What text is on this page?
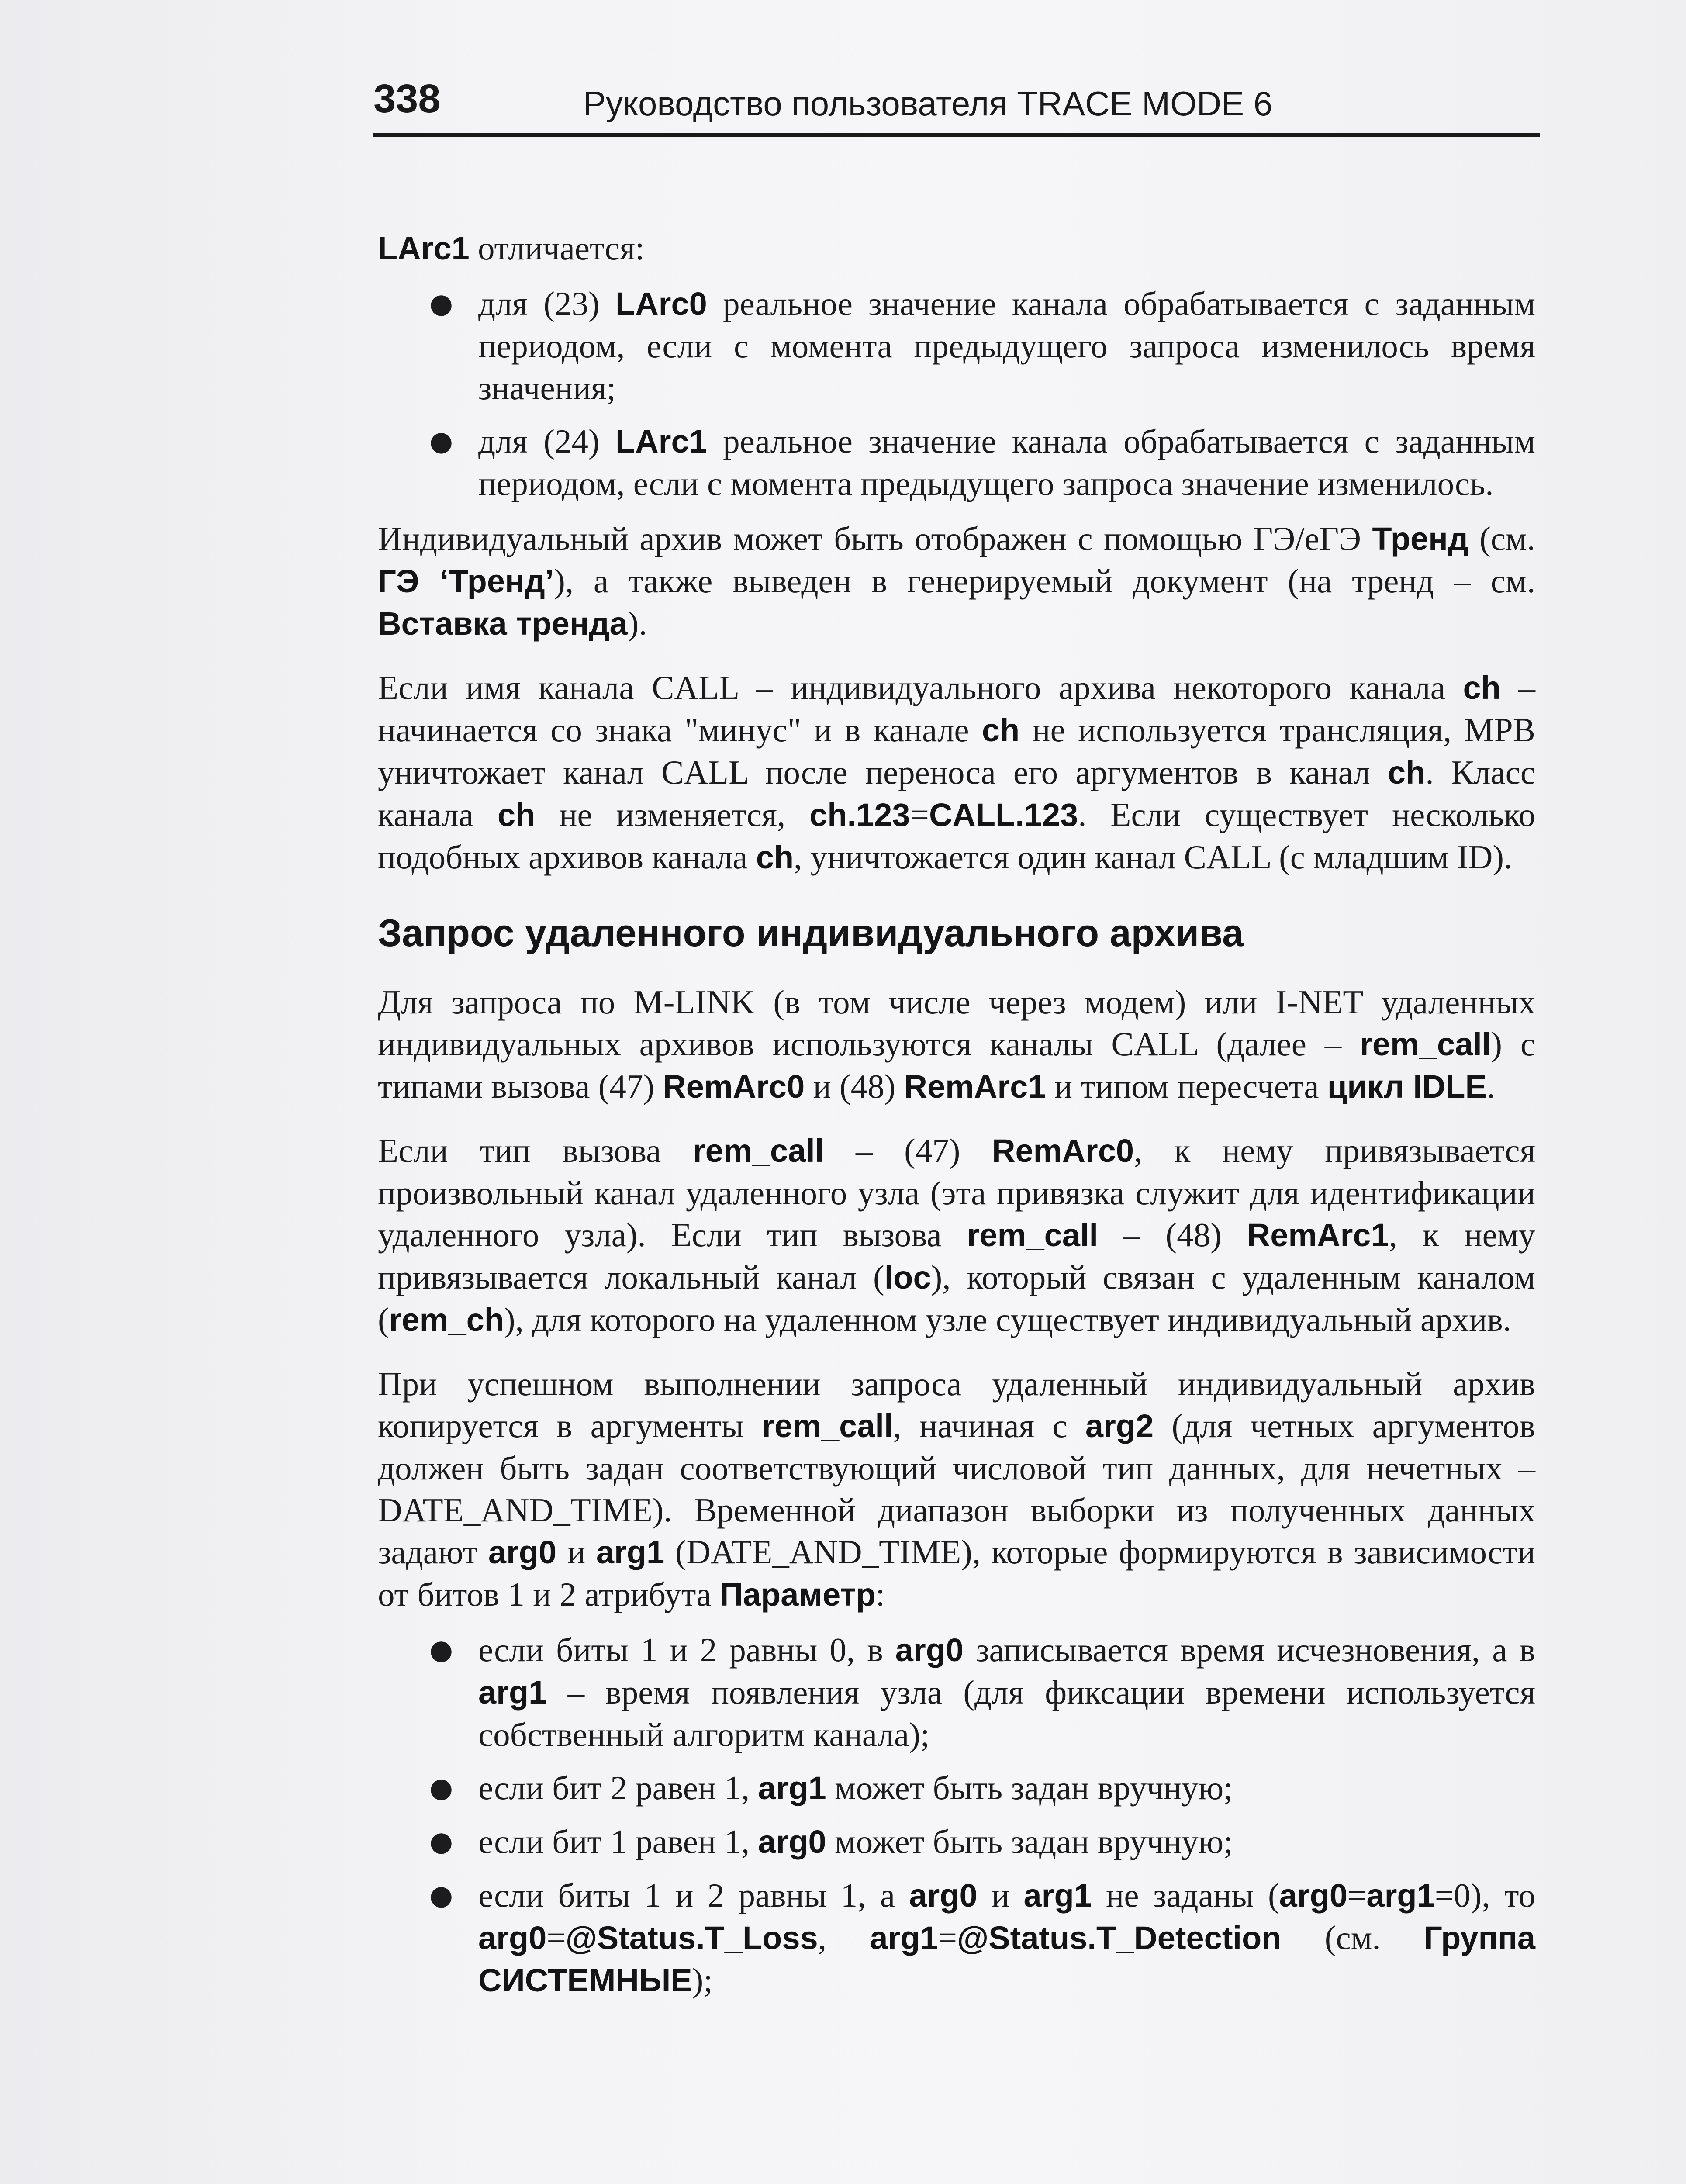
338	Руководство пользователя TRACE MODE 6

LArc1 отличается:

● для (23) LArc0 реальное значение канала обрабатывается с заданным периодом, если с момента предыдущего запроса изменилось время значения;
● для (24) LArc1 реальное значение канала обрабатывается с заданным периодом, если с момента предыдущего запроса значение изменилось.

Индивидуальный архив может быть отображен с помощью ГЭ/еГЭ Тренд (см. ГЭ ‘Тренд’), а также выведен в генерируемый документ (на тренд – см. Вставка тренда).

Если имя канала CALL – индивидуального архива некоторого канала ch – начинается со знака "минус" и в канале ch не используется трансляция, МРВ уничтожает канал CALL после переноса его аргументов в канал ch. Класс канала ch не изменяется, ch.123=CALL.123. Если существует несколько подобных архивов канала ch, уничтожается один канал CALL (с младшим ID).

Запрос удаленного индивидуального архива

Для запроса по M-LINK (в том числе через модем) или I-NET удаленных индивидуальных архивов используются каналы CALL (далее – rem_call) с типами вызова (47) RemArc0 и (48) RemArc1 и типом пересчета цикл IDLE.

Если тип вызова rem_call – (47) RemArc0, к нему привязывается произвольный канал удаленного узла (эта привязка служит для идентификации удаленного узла). Если тип вызова rem_call – (48) RemArc1, к нему привязывается локальный канал (loc), который связан с удаленным каналом (rem_ch), для которого на удаленном узле существует индивидуальный архив.

При успешном выполнении запроса удаленный индивидуальный архив копируется в аргументы rem_call, начиная с arg2 (для четных аргументов должен быть задан соответствующий числовой тип данных, для нечетных – DATE_AND_TIME). Временной диапазон выборки из полученных данных задают arg0 и arg1 (DATE_AND_TIME), которые формируются в зависимости от битов 1 и 2 атрибута Параметр:

● если биты 1 и 2 равны 0, в arg0 записывается время исчезновения, а в arg1 – время появления узла (для фиксации времени используется собственный алгоритм канала);
● если бит 2 равен 1, arg1 может быть задан вручную;
● если бит 1 равен 1, arg0 может быть задан вручную;
● если биты 1 и 2 равны 1, а arg0 и arg1 не заданы (arg0=arg1=0), то arg0=@Status.T_Loss, arg1=@Status.T_Detection (см. Группа СИСТЕМНЫЕ);
